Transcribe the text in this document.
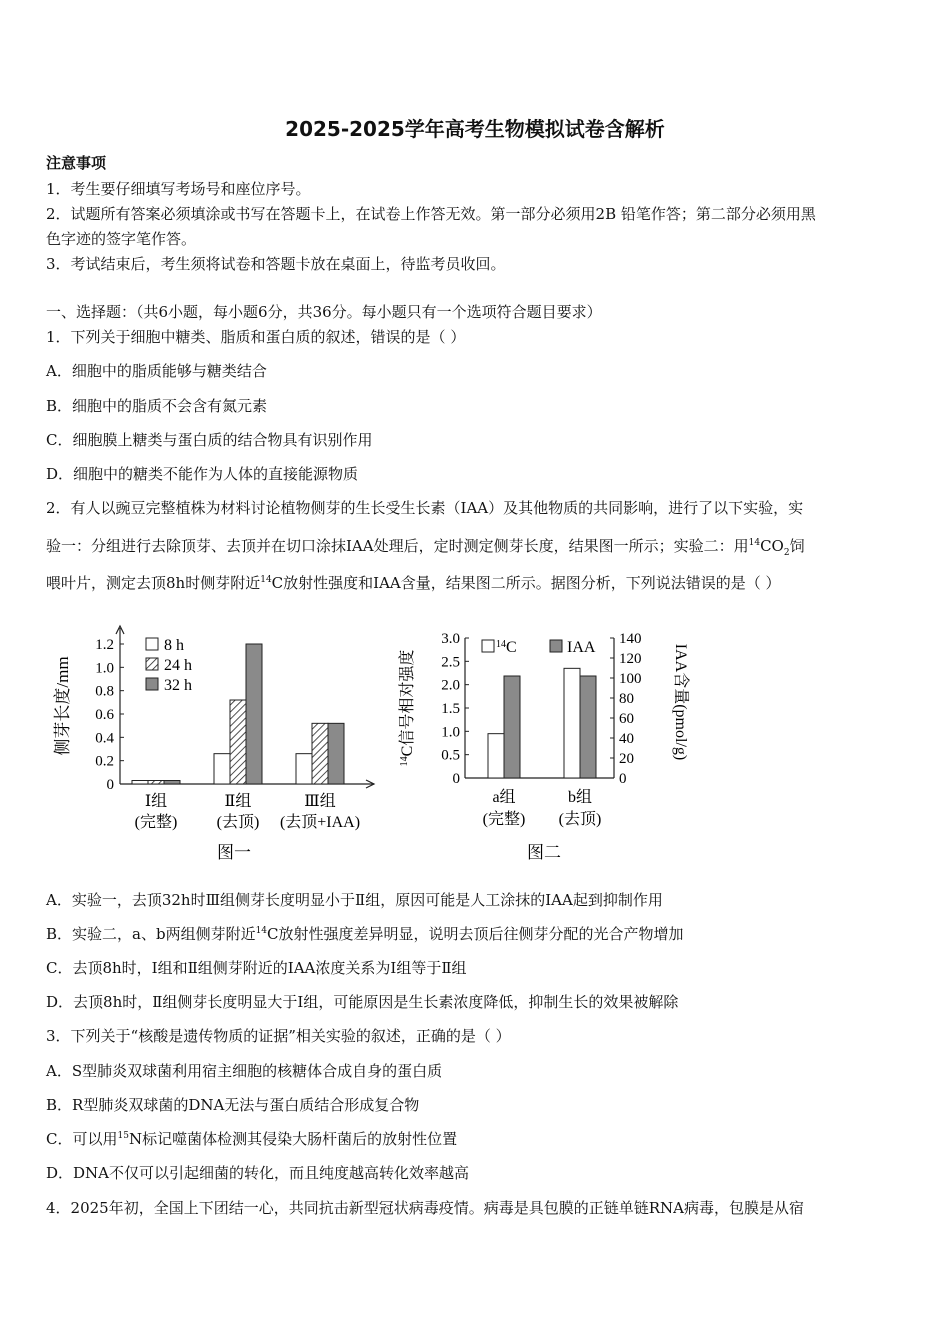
2025-2025学年高考生物模拟试卷含解析
注意事项
1．考生要仔细填写考场号和座位序号。
2．试题所有答案必须填涂或书写在答题卡上，在试卷上作答无效。第一部分必须用2B 铅笔作答；第二部分必须用黑
色字迹的签字笔作答。
3．考试结束后，考生须将试卷和答题卡放在桌面上，待监考员收回。
一、选择题：（共6小题，每小题6分，共36分。每小题只有一个选项符合题目要求）
1．下列关于细胞中糖类、脂质和蛋白质的叙述，错误的是（ ）
A．细胞中的脂质能够与糖类结合
B．细胞中的脂质不会含有氮元素
C．细胞膜上糖类与蛋白质的结合物具有识别作用
D．细胞中的糖类不能作为人体的直接能源物质
2．有人以豌豆完整植株为材料讨论植物侧芽的生长受生长素（IAA）及其他物质的共同影响，进行了以下实验，实
验一：分组进行去除顶芽、去顶并在切口涂抹IAA处理后，定时测定侧芽长度，结果图一所示；实验二：用$^{14}CO_2$饲
喂叶片，测定去顶8h时侧芽附近$^{14}$C放射性强度和IAA含量，结果图二所示。据图分析，下列说法错误的是（ ）
0
0.2
0.4
0.6
0.8
1.0
1.2
侧芽长度/mm
Ⅰ组
(完整)
Ⅱ组
(去顶)
Ⅲ组
(去顶+IAA)
8 h
24 h
32 h
图一
0
0.5
1.0
1.5
2.0
2.5
3.0
0
20
40
60
80
100
120
140
$^{14}$C信号相对强度	IAA含量(pmol/g)
a组
(完整)
b组
(去顶)
$^{14}$C	IAA
图二
A．实验一，去顶32h时Ⅲ组侧芽长度明显小于Ⅱ组，原因可能是人工涂抹的IAA起到抑制作用
B．实验二，a、b两组侧芽附近$^{14}$C放射性强度差异明显，说明去顶后往侧芽分配的光合产物增加
C．去顶8h时，Ⅰ组和Ⅱ组侧芽附近的IAA浓度关系为Ⅰ组等于Ⅱ组
D．去顶8h时，Ⅱ组侧芽长度明显大于Ⅰ组，可能原因是生长素浓度降低，抑制生长的效果被解除
3．下列关于“核酸是遗传物质的证据”相关实验的叙述，正确的是（ ）
A．S型肺炎双球菌利用宿主细胞的核糖体合成自身的蛋白质
B．R型肺炎双球菌的DNA无法与蛋白质结合形成复合物
C．可以用$^{15}$N标记噬菌体检测其侵染大肠杆菌后的放射性位置
D．DNA不仅可以引起细菌的转化，而且纯度越高转化效率越高
4．2025年初，全国上下团结一心，共同抗击新型冠状病毒疫情。病毒是具包膜的正链单链RNA病毒，包膜是从宿
